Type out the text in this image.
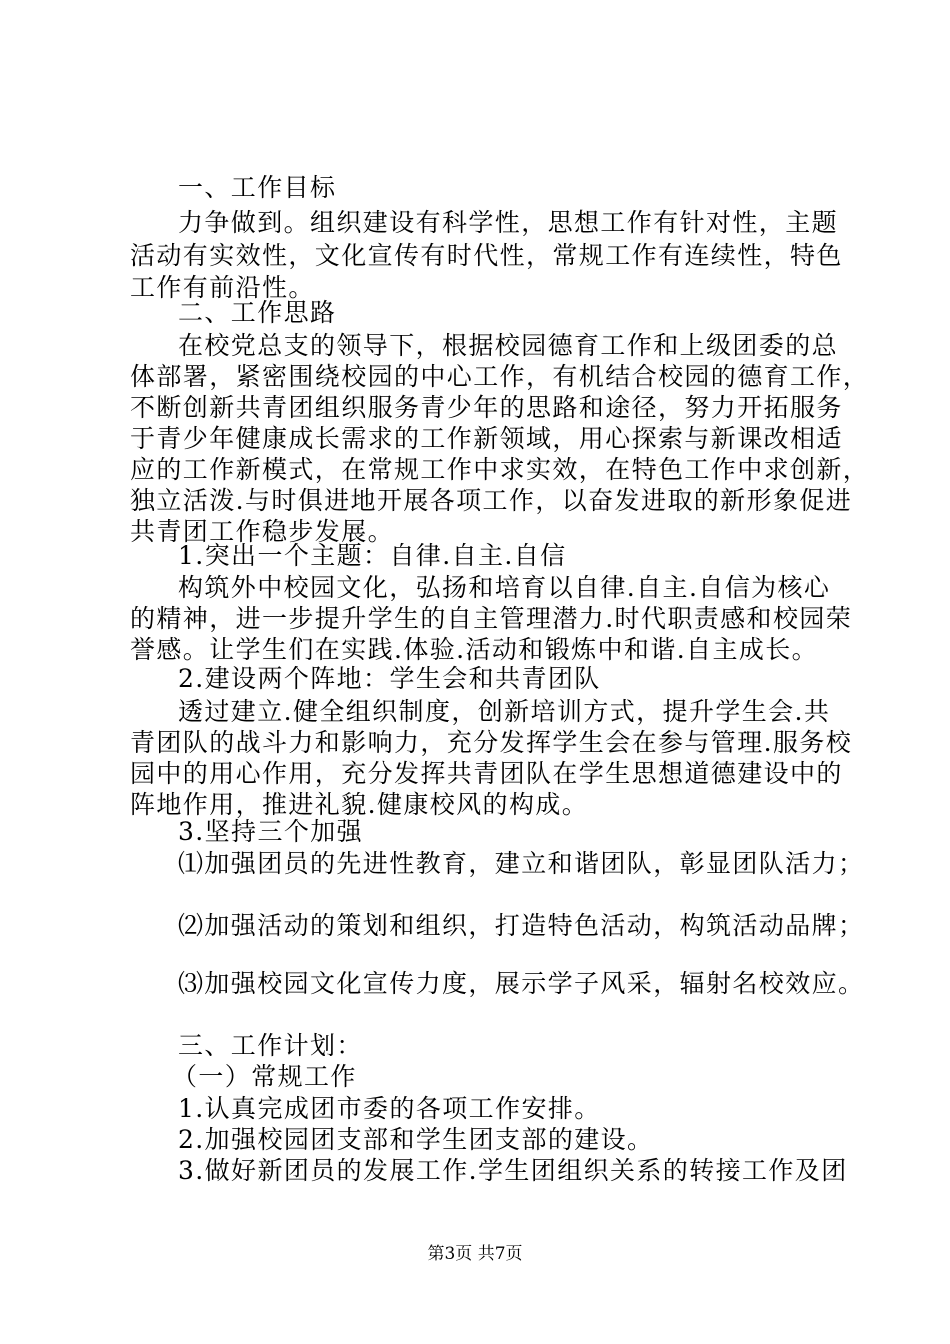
一、工作目标
力争做到。组织建设有科学性，思想工作有针对性，主题
活动有实效性，文化宣传有时代性，常规工作有连续性，特色
工作有前沿性。
二、工作思路
在校党总支的领导下，根据校园德育工作和上级团委的总
体部署，紧密围绕校园的中心工作，有机结合校园的德育工作，
不断创新共青团组织服务青少年的思路和途径，努力开拓服务
于青少年健康成长需求的工作新领域，用心探索与新课改相适
应的工作新模式，在常规工作中求实效，在特色工作中求创新，
独立活泼.与时俱进地开展各项工作，以奋发进取的新形象促进
共青团工作稳步发展。
1.突出一个主题：自律.自主.自信
构筑外中校园文化，弘扬和培育以自律.自主.自信为核心
的精神，进一步提升学生的自主管理潜力.时代职责感和校园荣
誉感。让学生们在实践.体验.活动和锻炼中和谐.自主成长。
2.建设两个阵地：学生会和共青团队
透过建立.健全组织制度，创新培训方式，提升学生会.共
青团队的战斗力和影响力，充分发挥学生会在参与管理.服务校
园中的用心作用，充分发挥共青团队在学生思想道德建设中的
阵地作用，推进礼貌.健康校风的构成。
3.坚持三个加强
⑴加强团员的先进性教育，建立和谐团队，彰显团队活力；
⑵加强活动的策划和组织，打造特色活动，构筑活动品牌；
⑶加强校园文化宣传力度，展示学子风采，辐射名校效应。
三、工作计划：
（一）常规工作
1.认真完成团市委的各项工作安排。
2.加强校园团支部和学生团支部的建设。
3.做好新团员的发展工作.学生团组织关系的转接工作及团
第3页 共7页
